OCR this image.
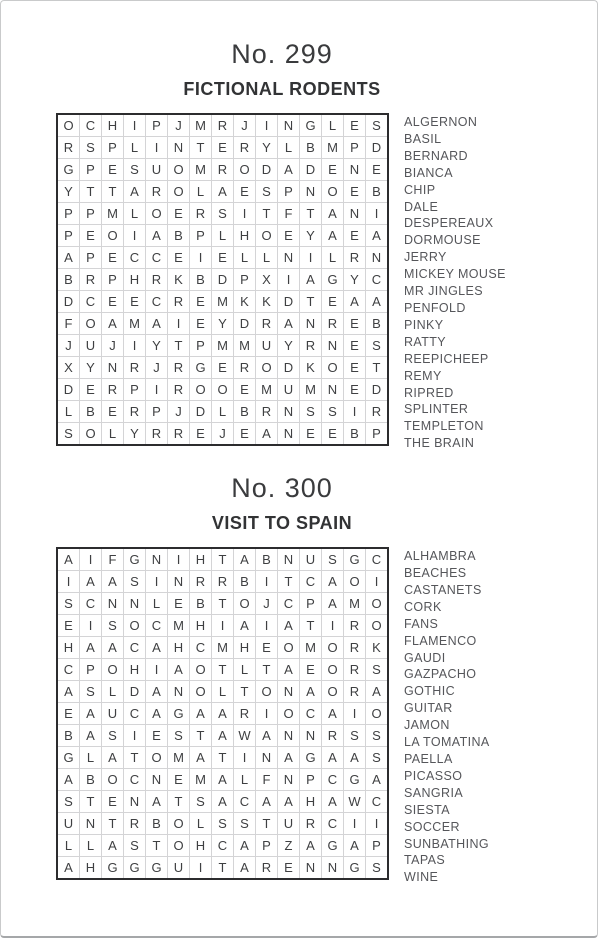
No. 299
FICTIONAL RODENTS
O	C	H	I	P	J	M	R	J	I	N	G	L	E	S
R	S	P	L	I	N	T	E	R	Y	L	B	M	P	D
G	P	E	S	U	O	M	R	O	D	A	D	E	N	E
Y	T	T	A	R	O	L	A	E	S	P	N	O	E	B
P	P	M	L	O	E	R	S	I	T	F	T	A	N	I
P	E	O	I	A	B	P	L	H	O	E	Y	A	E	A
A	P	E	C	C	E	I	E	L	L	N	I	L	R	N
B	R	P	H	R	K	B	D	P	X	I	A	G	Y	C
D	C	E	E	C	R	E	M	K	K	D	T	E	A	A
F	O	A	M	A	I	E	Y	D	R	A	N	R	E	B
J	U	J	I	Y	T	P	M	M	U	Y	R	N	E	S
X	Y	N	R	J	R	G	E	R	O	D	K	O	E	T
D	E	R	P	I	R	O	O	E	M	U	M	N	E	D
L	B	E	R	P	J	D	L	B	R	N	S	S	I	R
S	O	L	Y	R	R	E	J	E	A	N	E	E	B	P
ALGERNON
BASIL
BERNARD
BIANCA
CHIP
DALE
DESPEREAUX
DORMOUSE
JERRY
MICKEY MOUSE
MR JINGLES
PENFOLD
PINKY
RATTY
REEPICHEEP
REMY
RIPRED
SPLINTER
TEMPLETON
THE BRAIN
No. 300
VISIT TO SPAIN
A	I	F	G	N	I	H	T	A	B	N	U	S	G	C
I	A	A	S	I	N	R	R	B	I	T	C	A	O	I
S	C	N	N	L	E	B	T	O	J	C	P	A	M	O
E	I	S	O	C	M	H	I	A	I	A	T	I	R	O
H	A	A	C	A	H	C	M	H	E	O	M	O	R	K
C	P	O	H	I	A	O	T	L	T	A	E	O	R	S
A	S	L	D	A	N	O	L	T	O	N	A	O	R	A
E	A	U	C	A	G	A	A	R	I	O	C	A	I	O
B	A	S	I	E	S	T	A	W	A	N	N	R	S	S
G	L	A	T	O	M	A	T	I	N	A	G	A	A	S
A	B	O	C	N	E	M	A	L	F	N	P	C	G	A
S	T	E	N	A	T	S	A	C	A	A	H	A	W	C
U	N	T	R	B	O	L	S	S	T	U	R	C	I	I
L	L	A	S	T	O	H	C	A	P	Z	A	G	A	P
A	H	G	G	G	U	I	T	A	R	E	N	N	G	S
ALHAMBRA
BEACHES
CASTANETS
CORK
FANS
FLAMENCO
GAUDI
GAZPACHO
GOTHIC
GUITAR
JAMON
LA TOMATINA
PAELLA
PICASSO
SANGRIA
SIESTA
SOCCER
SUNBATHING
TAPAS
WINE
